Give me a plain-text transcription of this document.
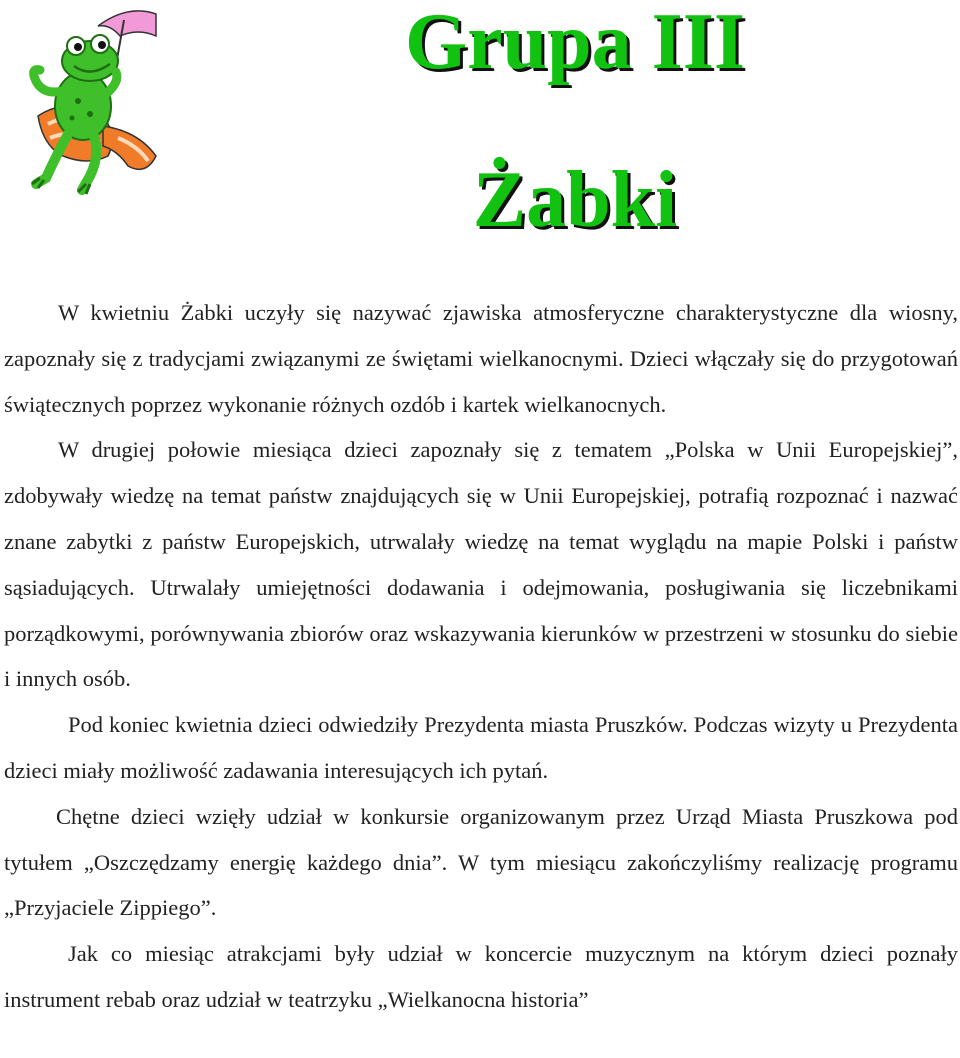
Grupa III
Żabki

W kwietniu Żabki uczyły się nazywać zjawiska atmosferyczne charakterystyczne dla wiosny, zapoznały się z tradycjami związanymi ze świętami wielkanocnymi. Dzieci włączały się do przygotowań świątecznych poprzez wykonanie różnych ozdób i kartek wielkanocnych.

W drugiej połowie miesiąca dzieci zapoznały się z tematem „Polska w Unii Europejskiej”, zdobywały wiedzę na temat państw znajdujących się w Unii Europejskiej, potrafią rozpoznać i nazwać znane zabytki z państw Europejskich, utrwalały wiedzę na temat wyglądu na mapie Polski i państw sąsiadujących. Utrwalały umiejętności dodawania i odejmowania, posługiwania się liczebnikami porządkowymi, porównywania zbiorów oraz wskazywania kierunków w przestrzeni w stosunku do siebie i innych osób.

Pod koniec kwietnia dzieci odwiedziły Prezydenta miasta Pruszków. Podczas wizyty u Prezydenta dzieci miały możliwość zadawania interesujących ich pytań.

Chętne dzieci wzięły udział w konkursie organizowanym przez Urząd Miasta Pruszkowa pod tytułem „Oszczędzamy energię każdego dnia”. W tym miesiącu zakończyliśmy realizację programu „Przyjaciele Zippiego”.

Jak co miesiąc atrakcjami były udział w koncercie muzycznym na którym dzieci poznały instrument rebab oraz udział w teatrzyku „Wielkanocna historia”
